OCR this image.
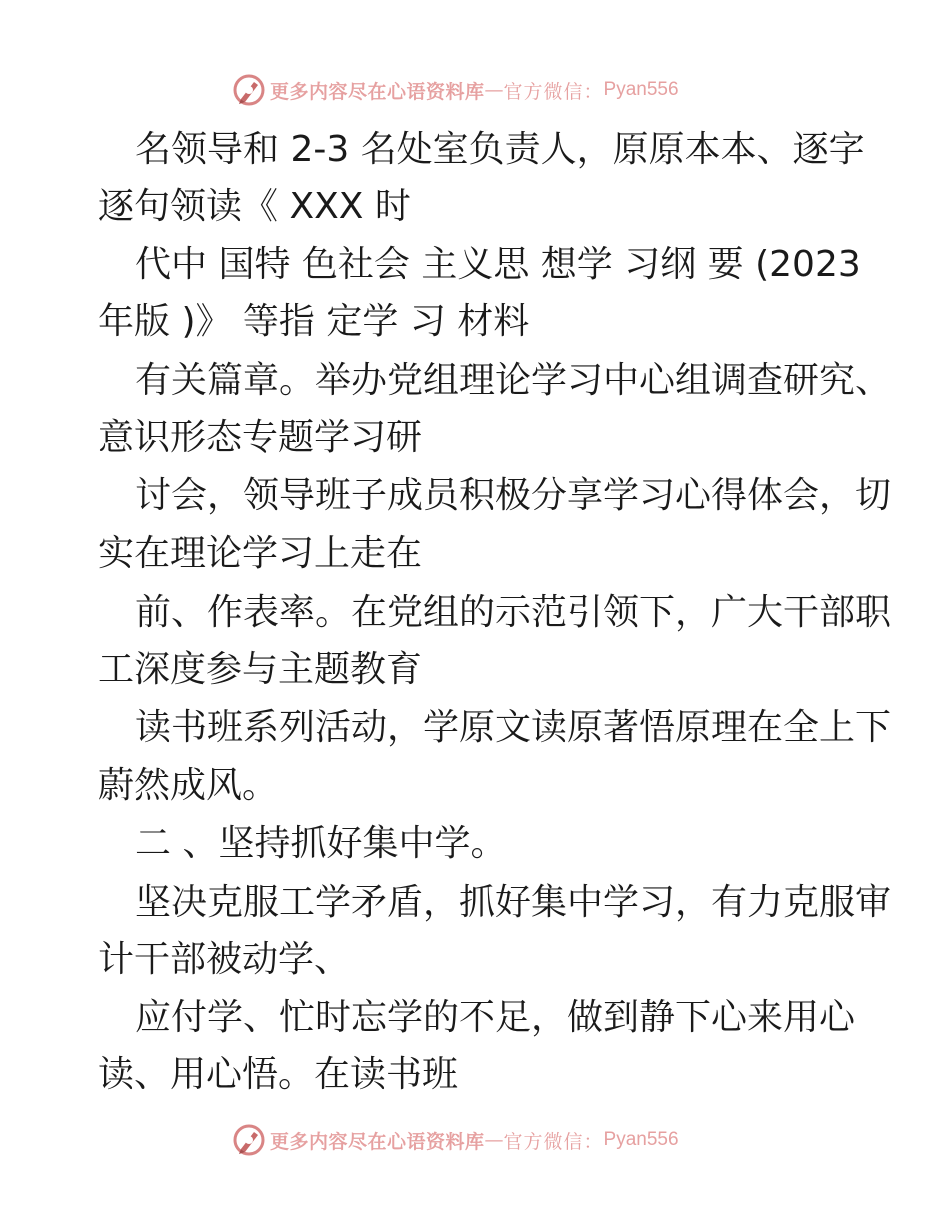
更多内容尽在心语资料库 — 官方微信： Pyan556
名领导和 2-3 名处室负责人，原原本本、逐字
逐句领读《 XXX 时
代中 国特 色社会 主义思 想学 习纲 要 (2023
年版 )》 等指 定学 习 材料
有关篇章。举办党组理论学习中心组调查研究、
意识形态专题学习研
讨会，领导班子成员积极分享学习心得体会，切
实在理论学习上走在
前、作表率。在党组的示范引领下，广大干部职
工深度参与主题教育
读书班系列活动，学原文读原著悟原理在全上下
蔚然成风。
二 、坚持抓好集中学。
坚决克服工学矛盾，抓好集中学习，有力克服审
计干部被动学、
应付学、忙时忘学的不足，做到静下心来用心
读、用心悟。在读书班
更多内容尽在心语资料库 — 官方微信： Pyan556
